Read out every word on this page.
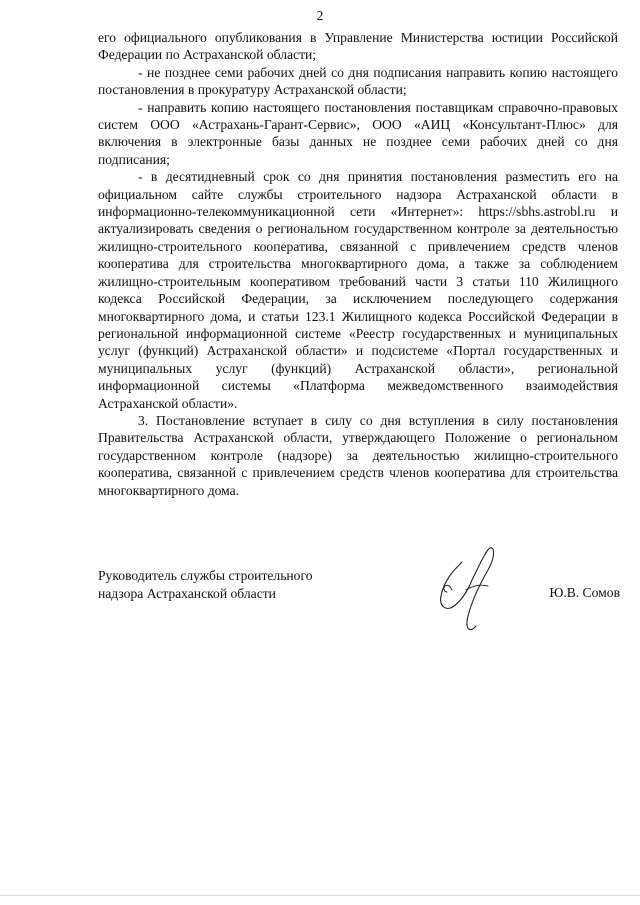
2

его официального опубликования в Управление Министерства юстиции Российской Федерации по Астраханской области;

- не позднее семи рабочих дней со дня подписания направить копию настоящего постановления в прокуратуру Астраханской области;

- направить копию настоящего постановления поставщикам справочно-правовых систем ООО «Астрахань-Гарант-Сервис», ООО «АИЦ «Консультант-Плюс» для включения в электронные базы данных не позднее семи рабочих дней со дня подписания;

- в десятидневный срок со дня принятия постановления разместить его на официальном сайте службы строительного надзора Астраханской области в информационно-телекоммуникационной сети «Интернет»: https://sbhs.astrobl.ru и актуализировать сведения о региональном государственном контроле за деятельностью жилищно-строительного кооператива, связанной с привлечением средств членов кооператива для строительства многоквартирного дома, а также за соблюдением жилищно-строительным кооперативом требований части 3 статьи 110 Жилищного кодекса Российской Федерации, за исключением последующего содержания многоквартирного дома, и статьи 123.1 Жилищного кодекса Российской Федерации в региональной информационной системе «Реестр государственных и муниципальных услуг (функций) Астраханской области» и подсистеме «Портал государственных и муниципальных услуг (функций) Астраханской области», региональной информационной системы «Платформа межведомственного взаимодействия Астраханской области».

3. Постановление вступает в силу со дня вступления в силу постановления Правительства Астраханской области, утверждающего Положение о региональном государственном контроле (надзоре) за деятельностью жилищно-строительного кооператива, связанной с привлечением средств членов кооператива для строительства многоквартирного дома.

Руководитель службы строительного
надзора Астраханской области	Ю.В. Сомов
